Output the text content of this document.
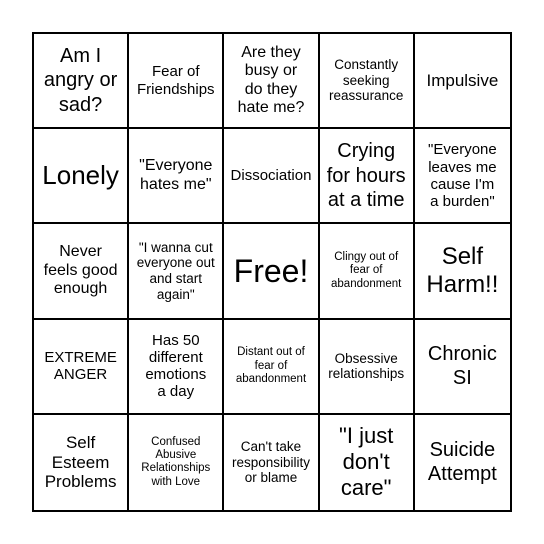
Am I
angry or
sad?
Fear of
Friendships
Are they
busy or
do they
hate me?
Constantly
seeking
reassurance
Impulsive
Lonely "Everyone
hates me"
Dissociation
Crying
for hours
at a time
"Everyone
leaves me
cause I'm
a burden"
Never
feels good
enough
"I wanna cut
everyone out
and start
again"
Free! Clingy out of
fear of
abandonment
Self
Harm!!
EXTREME
ANGER
Has 50
different
emotions
a day
Distant out of
fear of
abandonment
Obsessive
relationships
Chronic
SI
Self
Esteem
Problems
Confused
Abusive
Relationships
with Love
Can't take
responsibility
or blame
"I just
don't
care"
Suicide
Attempt
